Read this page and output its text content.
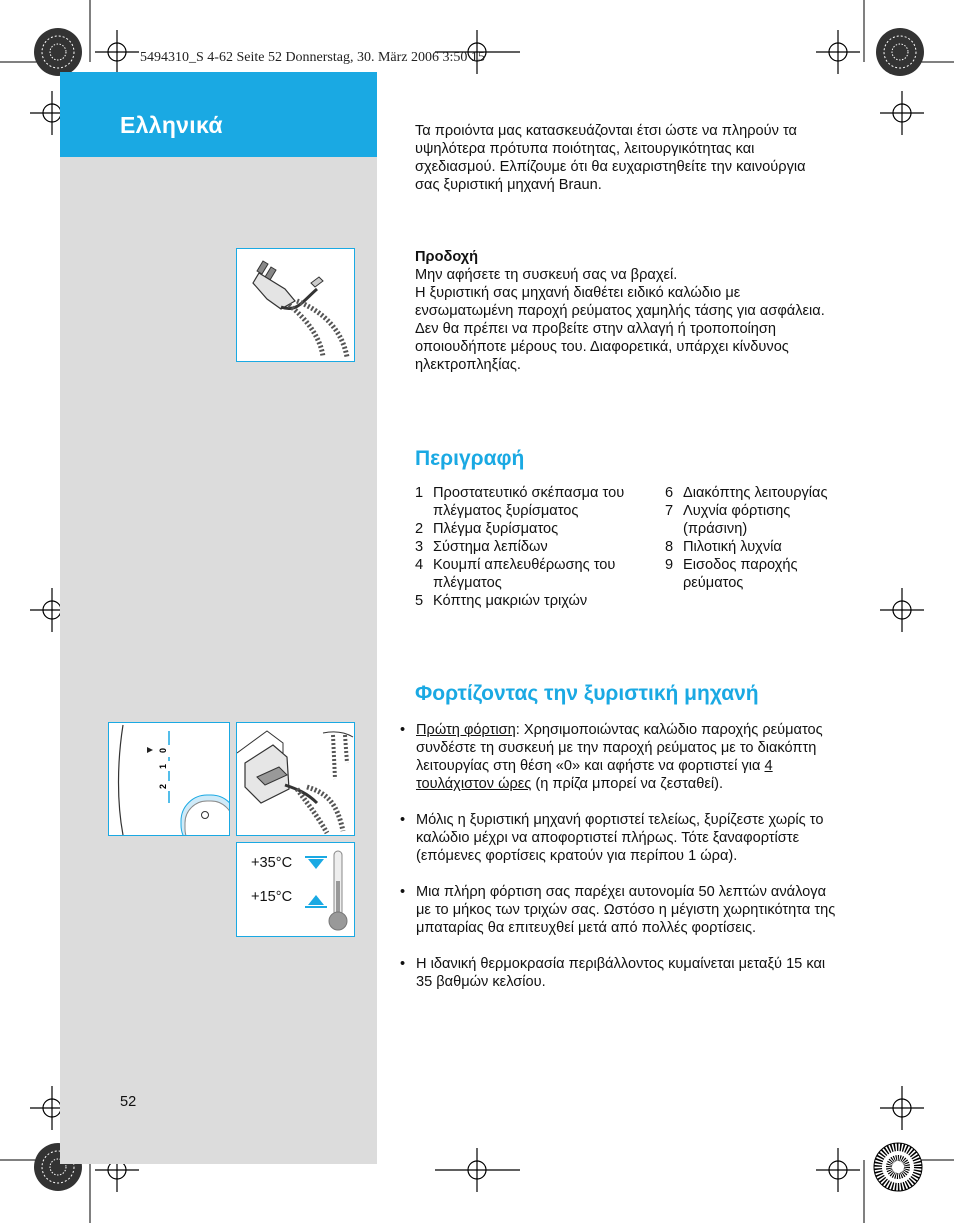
5494310_S 4-62 Seite 52 Donnerstag, 30. März 2006 3:50 15
Ελληνικά
0
1
2
+35°C
+15°C

Τα προιόντα μας κατασκευάζονται έτσι ώστε να πληρούν τα υψηλότερα πρότυπα ποιότητας, λειτουργικότητας και σχεδιασμού. Ελπίζουμε ότι θα ευχαριστηθείτε την καινούργια σας ξυριστική μηχανή Braun.

Προδοχή

Μην αφήσετε τη συσκευή σας να βραχεί.

Η ξυριστική σας μηχανή διαθέτει ειδικό καλώδιο με ενσωματωμένη παροχή ρεύματος χαμηλής τάσης για ασφάλεια. Δεν θα πρέπει να προβείτε στην αλλαγή ή τροποποίηση οποιουδήποτε μέρους του. Διαφορετικά, υπάρχει κίνδυνος ηλεκτροπληξίας.

Περιγραφή
1 Προστατευτικό σκέπασμα του πλέγματος ξυρίσματος
2 Πλέγμα ξυρίσματος
3 Σύστημα λεπίδων
4 Κουμπί απελευθέρωσης του πλέγματος
5 Κόπτης μακριών τριχών
6 Διακόπτης λειτουργίας
7 Λυχνία φόρτισης (πράσινη)
8 Πιλοτική λυχνία
9 Εισοδος παροχής ρεύματος
Φορτίζοντας την ξυριστική μηχανή
• Πρώτη φόρτιση: Χρησιμοποιώντας καλώδιο παροχής ρεύματος συνδέστε τη συσκευή με την παροχή ρεύματος με το διακόπτη λειτουργίας στη θέση «0» και αφήστε να φορτιστεί για 4 τουλάχιστον ώρες (η πρίζα μπορεί να ζεσταθεί).
• Μόλις η ξυριστική μηχανή φορτιστεί τελείως, ξυρίζεστε χωρίς το καλώδιο μέχρι να αποφορτιστεί πλήρως. Τότε ξαναφορτίστε (επόμενες φορτίσεις κρατούν για περίπου 1 ώρα).
• Μια πλήρη φόρτιση σας παρέχει αυτονομία 50 λεπτών ανάλογα με το μήκος των τριχών σας. Ωστόσο η μέγιστη χωρητικότητα της μπαταρίας θα επιτευχθεί μετά από πολλές φορτίσεις.
• Η ιδανική θερμοκρασία περιβάλλοντος κυμαίνεται μεταξύ 15 και 35 βαθμών κελσίου.
52
